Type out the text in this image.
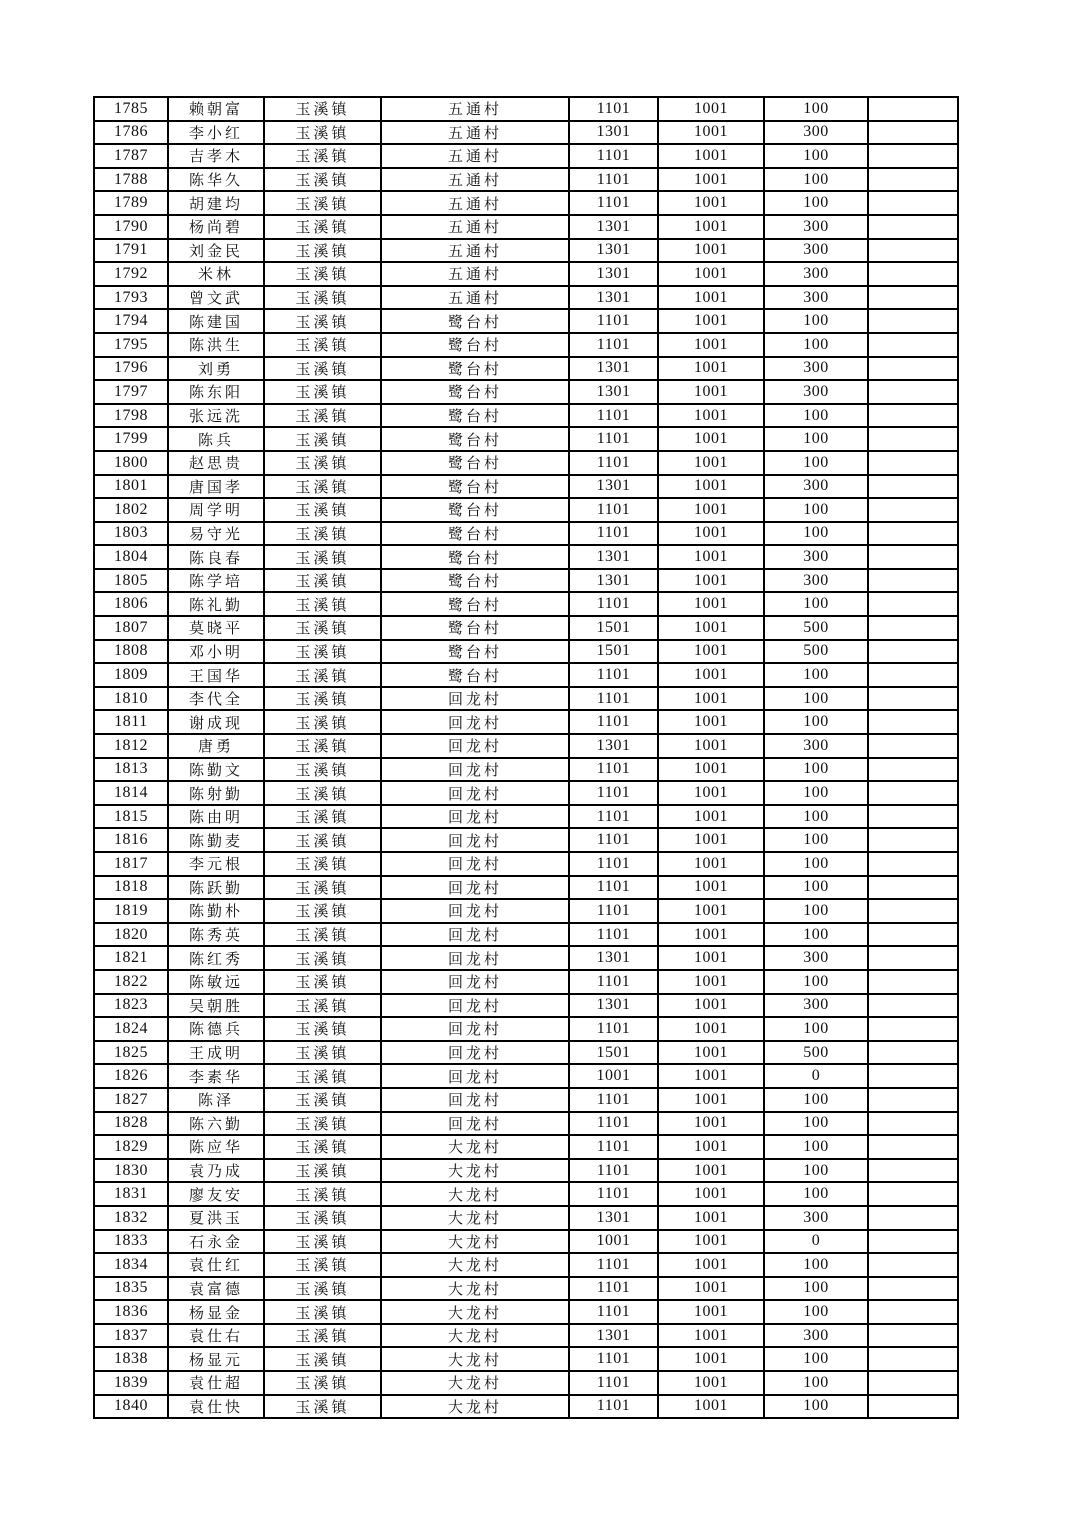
1785	赖朝富	玉溪镇	五通村	1101	1001	100	
1786	李小红	玉溪镇	五通村	1301	1001	300	
1787	吉孝木	玉溪镇	五通村	1101	1001	100	
1788	陈华久	玉溪镇	五通村	1101	1001	100	
1789	胡建均	玉溪镇	五通村	1101	1001	100	
1790	杨尚碧	玉溪镇	五通村	1301	1001	300	
1791	刘金民	玉溪镇	五通村	1301	1001	300	
1792	米林	玉溪镇	五通村	1301	1001	300	
1793	曾文武	玉溪镇	五通村	1301	1001	300	
1794	陈建国	玉溪镇	鹭台村	1101	1001	100	
1795	陈洪生	玉溪镇	鹭台村	1101	1001	100	
1796	刘勇	玉溪镇	鹭台村	1301	1001	300	
1797	陈东阳	玉溪镇	鹭台村	1301	1001	300	
1798	张远洗	玉溪镇	鹭台村	1101	1001	100	
1799	陈兵	玉溪镇	鹭台村	1101	1001	100	
1800	赵思贵	玉溪镇	鹭台村	1101	1001	100	
1801	唐国孝	玉溪镇	鹭台村	1301	1001	300	
1802	周学明	玉溪镇	鹭台村	1101	1001	100	
1803	易守光	玉溪镇	鹭台村	1101	1001	100	
1804	陈良春	玉溪镇	鹭台村	1301	1001	300	
1805	陈学培	玉溪镇	鹭台村	1301	1001	300	
1806	陈礼勤	玉溪镇	鹭台村	1101	1001	100	
1807	莫晓平	玉溪镇	鹭台村	1501	1001	500	
1808	邓小明	玉溪镇	鹭台村	1501	1001	500	
1809	王国华	玉溪镇	鹭台村	1101	1001	100	
1810	李代全	玉溪镇	回龙村	1101	1001	100	
1811	谢成现	玉溪镇	回龙村	1101	1001	100	
1812	唐勇	玉溪镇	回龙村	1301	1001	300	
1813	陈勤文	玉溪镇	回龙村	1101	1001	100	
1814	陈射勤	玉溪镇	回龙村	1101	1001	100	
1815	陈由明	玉溪镇	回龙村	1101	1001	100	
1816	陈勤麦	玉溪镇	回龙村	1101	1001	100	
1817	李元根	玉溪镇	回龙村	1101	1001	100	
1818	陈跃勤	玉溪镇	回龙村	1101	1001	100	
1819	陈勤朴	玉溪镇	回龙村	1101	1001	100	
1820	陈秀英	玉溪镇	回龙村	1101	1001	100	
1821	陈红秀	玉溪镇	回龙村	1301	1001	300	
1822	陈敏远	玉溪镇	回龙村	1101	1001	100	
1823	吴朝胜	玉溪镇	回龙村	1301	1001	300	
1824	陈德兵	玉溪镇	回龙村	1101	1001	100	
1825	王成明	玉溪镇	回龙村	1501	1001	500	
1826	李素华	玉溪镇	回龙村	1001	1001	0	
1827	陈泽	玉溪镇	回龙村	1101	1001	100	
1828	陈六勤	玉溪镇	回龙村	1101	1001	100	
1829	陈应华	玉溪镇	大龙村	1101	1001	100	
1830	袁乃成	玉溪镇	大龙村	1101	1001	100	
1831	廖友安	玉溪镇	大龙村	1101	1001	100	
1832	夏洪玉	玉溪镇	大龙村	1301	1001	300	
1833	石永金	玉溪镇	大龙村	1001	1001	0	
1834	袁仕红	玉溪镇	大龙村	1101	1001	100	
1835	袁富德	玉溪镇	大龙村	1101	1001	100	
1836	杨显金	玉溪镇	大龙村	1101	1001	100	
1837	袁仕右	玉溪镇	大龙村	1301	1001	300	
1838	杨显元	玉溪镇	大龙村	1101	1001	100	
1839	袁仕超	玉溪镇	大龙村	1101	1001	100	
1840	袁仕快	玉溪镇	大龙村	1101	1001	100	
